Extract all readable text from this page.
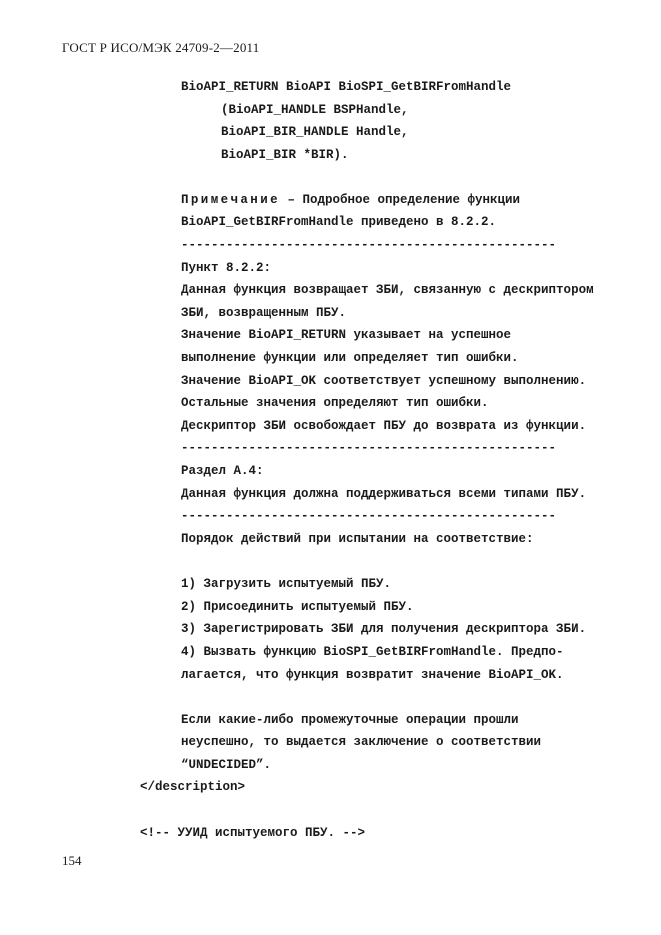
ГОСТ Р ИСО/МЭК 24709-2—2011
BioAPI_RETURN BioAPI BioSPI_GetBIRFromHandle
(BioAPI_HANDLE BSPHandle,
BioAPI_BIR_HANDLE Handle,
BioAPI_BIR *BIR).
Примечание – Подробное определение функции
BioAPI_GetBIRFromHandle приведено в 8.2.2.
--------------------------------------------------
Пункт 8.2.2:
Данная функция возвращает ЗБИ, связанную с дескриптором
ЗБИ, возвращенным ПБУ.
Значение BioAPI_RETURN указывает на успешное
выполнение функции или определяет тип ошибки.
Значение BioAPI_OK соответствует успешному выполнению.
Остальные значения определяют тип ошибки.
Дескриптор ЗБИ освобождает ПБУ до возврата из функции.
--------------------------------------------------
Раздел А.4:
Данная функция должна поддерживаться всеми типами ПБУ.
--------------------------------------------------
Порядок действий при испытании на соответствие:
1) Загрузить испытуемый ПБУ.
2) Присоединить испытуемый ПБУ.
3) Зарегистрировать ЗБИ для получения дескриптора ЗБИ.
4) Вызвать функцию BioSPI_GetBIRFromHandle. Предпо-
лагается, что функция возвратит значение BioAPI_OK.
Если какие-либо промежуточные операции прошли
неуспешно, то выдается заключение о соответствии
“UNDECIDED”.
</description>
<!-- УУИД испытуемого ПБУ. -->
154
